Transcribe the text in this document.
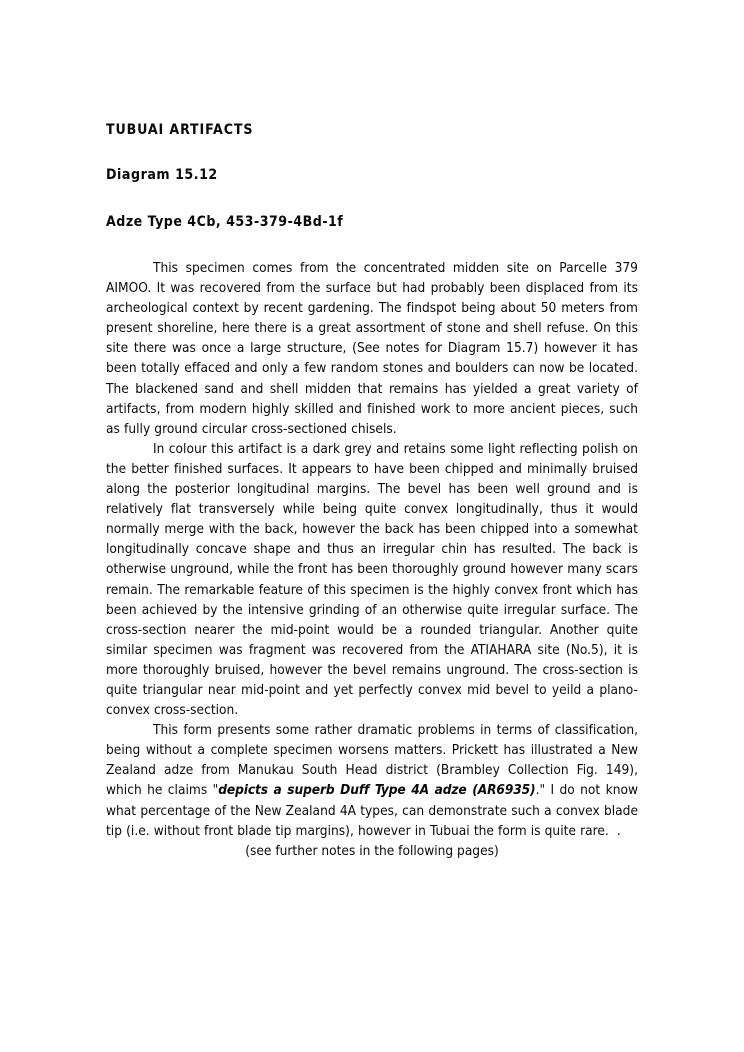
TUBUAI ARTIFACTS
Diagram 15.12
Adze Type 4Cb, 453-379-4Bd-1f

This specimen comes from the concentrated midden site on Parcelle 379 AIMOO. It was recovered from the surface but had probably been displaced from its archeological context by recent gardening. The findspot being about 50 meters from present shoreline, here there is a great assortment of stone and shell refuse. On this site there was once a large structure, (See notes for Diagram 15.7) however it has been totally effaced and only a few random stones and boulders can now be located. The blackened sand and shell midden that remains has yielded a great variety of artifacts, from modern highly skilled and finished work to more ancient pieces, such as fully ground circular cross-sectioned chisels.

In colour this artifact is a dark grey and retains some light reflecting polish on the better finished surfaces. It appears to have been chipped and minimally bruised along the posterior longitudinal margins. The bevel has been well ground and is relatively flat transversely while being quite convex longitudinally, thus it would normally merge with the back, however the back has been chipped into a somewhat longitudinally concave shape and thus an irregular chin has resulted. The back is otherwise unground, while the front has been thoroughly ground however many scars remain. The remarkable feature of this specimen is the highly convex front which has been achieved by the intensive grinding of an otherwise quite irregular surface. The cross-section nearer the mid-point would be a rounded triangular. Another quite similar specimen was fragment was recovered from the ATIAHARA site (No.5), it is more thoroughly bruised, however the bevel remains unground. The cross-section is quite triangular near mid-point and yet perfectly convex mid bevel to yeild a plano-convex cross-section.

This form presents some rather dramatic problems in terms of classification, being without a complete specimen worsens matters. Prickett has illustrated a New Zealand adze from Manukau South Head district (Brambley Collection Fig. 149), which he claims "depicts a superb Duff Type 4A adze (AR6935)." I do not know what percentage of the New Zealand 4A types, can demonstrate such a convex blade tip (i.e. without front blade tip margins), however in Tubuai the form is quite rare. .

(see further notes in the following pages)
